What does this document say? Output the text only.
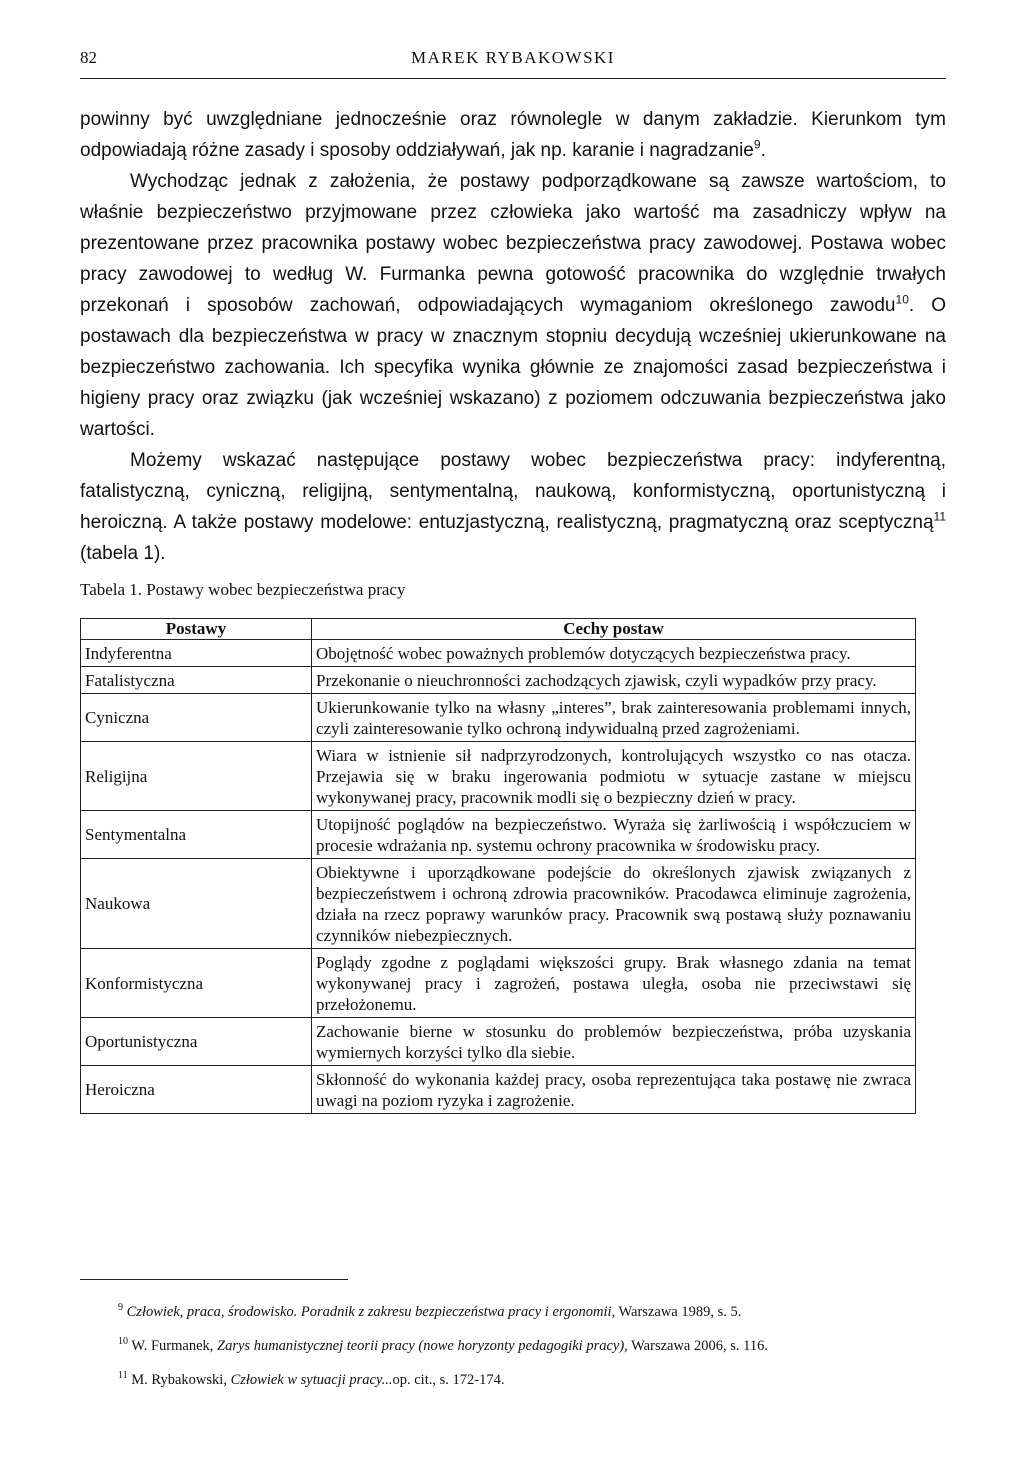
82	MAREK RYBAKOWSKI

powinny być uwzględniane jednocześnie oraz równolegle w danym zakładzie. Kierunkom tym odpowiadają różne zasady i sposoby oddziaływań, jak np. karanie i nagradzanie$^9$.

Wychodząc jednak z założenia, że postawy podporządkowane są zawsze wartościom, to właśnie bezpieczeństwo przyjmowane przez człowieka jako wartość ma zasadniczy wpływ na prezentowane przez pracownika postawy wobec bezpieczeństwa pracy zawodowej. Postawa wobec pracy zawodowej to według W. Furmanka pewna gotowość pracownika do względnie trwałych przekonań i sposobów zachowań, odpowiadających wymaganiom określonego zawodu$^{10}$. O postawach dla bezpieczeństwa w pracy w znacznym stopniu decydują wcześniej ukierunkowane na bezpieczeństwo zachowania. Ich specyfika wynika głównie ze znajomości zasad bezpieczeństwa i higieny pracy oraz związku (jak wcześniej wskazano) z poziomem odczuwania bezpieczeństwa jako wartości.

Możemy wskazać następujące postawy wobec bezpieczeństwa pracy: indyferentną, fatalistyczną, cyniczną, religijną, sentymentalną, naukową, konformistyczną, oportunistyczną i heroiczną. A także postawy modelowe: entuzjastyczną, realistyczną, pragmatyczną oraz sceptyczną$^{11}$ (tabela 1).

Tabela 1. Postawy wobec bezpieczeństwa pracy
Postawy	Cechy postaw
Indyferentna	Obojętność wobec poważnych problemów dotyczących bezpieczeństwa pracy.
Fatalistyczna	Przekonanie o nieuchronności zachodzących zjawisk, czyli wypadków przy pracy.
Cyniczna	Ukierunkowanie tylko na własny „interes”, brak zainteresowania problemami innych, czyli zainteresowanie tylko ochroną indywidualną przed zagrożeniami.
Religijna	Wiara w istnienie sił nadprzyrodzonych, kontrolujących wszystko co nas otacza. Przejawia się w braku ingerowania podmiotu w sytuacje zastane w miejscu wykonywanej pracy, pracownik modli się o bezpieczny dzień w pracy.
Sentymentalna	Utopijność poglądów na bezpieczeństwo. Wyraża się żarliwością i współczuciem w procesie wdrażania np. systemu ochrony pracownika w środowisku pracy.
Naukowa	Obiektywne i uporządkowane podejście do określonych zjawisk związanych z bezpieczeństwem i ochroną zdrowia pracowników. Pracodawca eliminuje zagrożenia, działa na rzecz poprawy warunków pracy. Pracownik swą postawą służy poznawaniu czynników niebezpiecznych.
Konformistyczna	Poglądy zgodne z poglądami większości grupy. Brak własnego zdania na temat wykonywanej pracy i zagrożeń, postawa uległa, osoba nie przeciwstawi się przełożonemu.
Oportunistyczna	Zachowanie bierne w stosunku do problemów bezpieczeństwa, próba uzyskania wymiernych korzyści tylko dla siebie.
Heroiczna	Skłonność do wykonania każdej pracy, osoba reprezentująca taka postawę nie zwraca uwagi na poziom ryzyka i zagrożenie.

$^9$ Człowiek, praca, środowisko. Poradnik z zakresu bezpieczeństwa pracy i ergonomii, Warszawa 1989, s. 5.

$^{10}$ W. Furmanek, Zarys humanistycznej teorii pracy (nowe horyzonty pedagogiki pracy), Warszawa 2006, s. 116.

$^{11}$ M. Rybakowski, Człowiek w sytuacji pracy...op. cit., s. 172-174.
